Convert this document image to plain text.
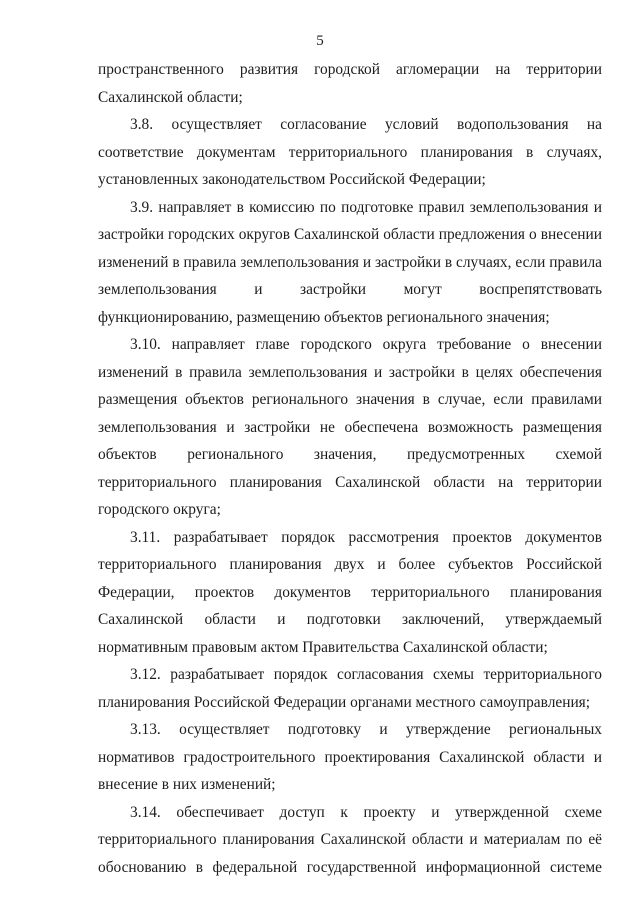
5

пространственного развития городской агломерации на территории Сахалинской области;

3.8. осуществляет согласование условий водопользования на соответствие документам территориального планирования в случаях, установленных законодательством Российской Федерации;

3.9. направляет в комиссию по подготовке правил землепользования и застройки городских округов Сахалинской области предложения о внесении изменений в правила землепользования и застройки в случаях, если правила землепользования и застройки могут воспрепятствовать функционированию, размещению объектов регионального значения;

3.10. направляет главе городского округа требование о внесении изменений в правила землепользования и застройки в целях обеспечения размещения объектов регионального значения в случае, если правилами землепользования и застройки не обеспечена возможность размещения объектов регионального значения, предусмотренных схемой территориального планирования Сахалинской области на территории городского округа;

3.11. разрабатывает порядок рассмотрения проектов документов территориального планирования двух и более субъектов Российской Федерации, проектов документов территориального планирования Сахалинской области и подготовки заключений, утверждаемый нормативным правовым актом Правительства Сахалинской области;

3.12. разрабатывает порядок согласования схемы территориального планирования Российской Федерации органами местного самоуправления;

3.13. осуществляет подготовку и утверждение региональных нормативов градостроительного проектирования Сахалинской области и внесение в них изменений;

3.14. обеспечивает доступ к проекту и утвержденной схеме территориального планирования Сахалинской области и материалам по её обоснованию в федеральной государственной информационной системе
